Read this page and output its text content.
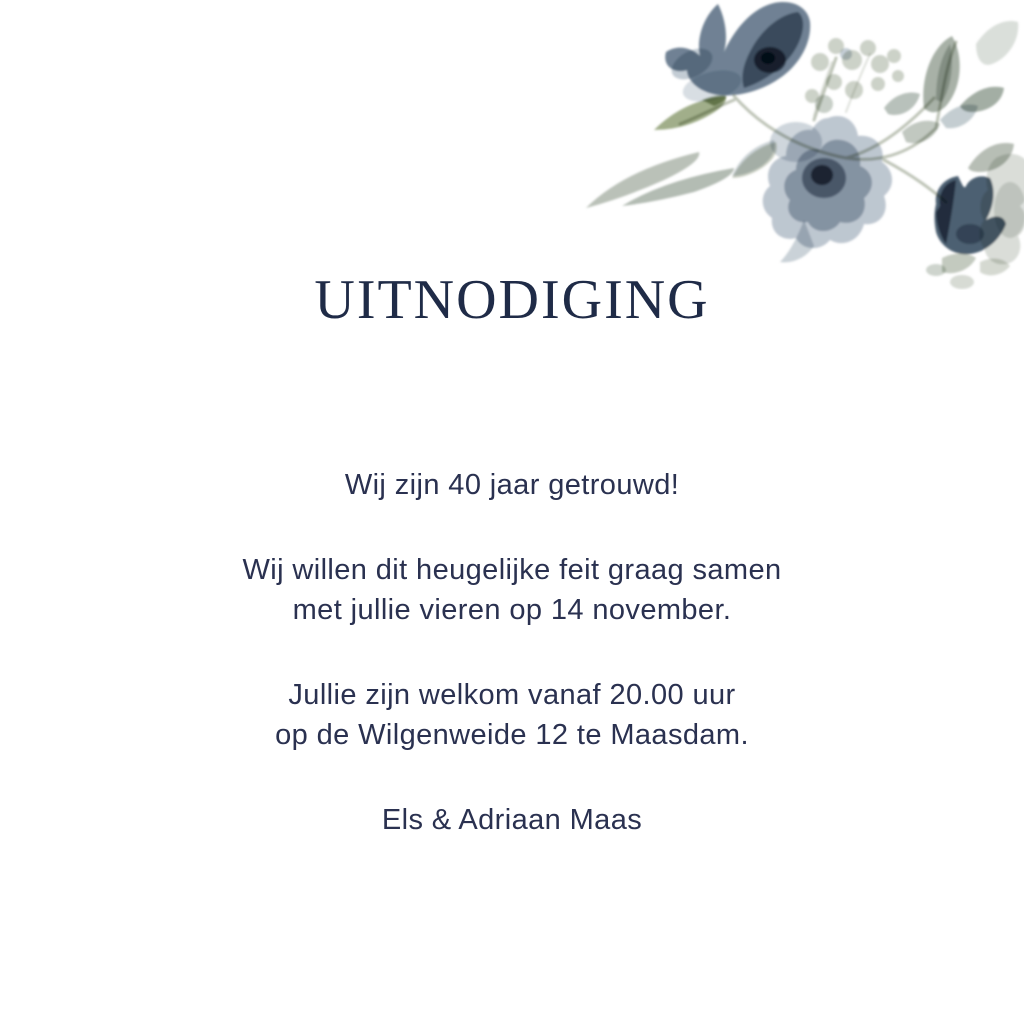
UITNODIGING

Wij zijn 40 jaar getrouwd!

Wij willen dit heugelijke feit graag samen
met jullie vieren op 14 november.

Jullie zijn welkom vanaf 20.00 uur
op de Wilgenweide 12 te Maasdam.

Els & Adriaan Maas
